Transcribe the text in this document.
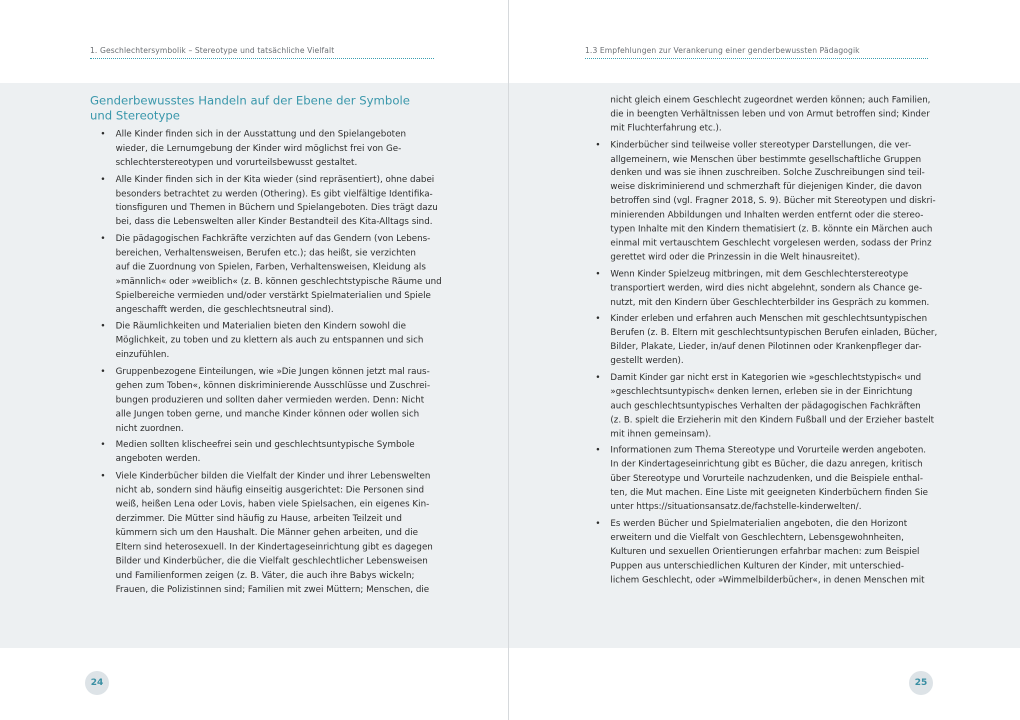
1. Geschlechtersymbolik – Stereotype und tatsächliche Vielfalt
Genderbewusstes Handeln auf der Ebene der Symbole
und Stereotype
• Alle Kinder finden sich in der Ausstattung und den Spielangeboten
wieder, die Lernumgebung der Kinder wird möglichst frei von Ge-
schlechterstereotypen und vorurteilsbewusst gestaltet.
• Alle Kinder finden sich in der Kita wieder (sind repräsentiert), ohne dabei
besonders betrachtet zu werden (Othering). Es gibt vielfältige Identifika-
tionsfiguren und Themen in Büchern und Spielangeboten. Dies trägt dazu
bei, dass die Lebenswelten aller Kinder Bestandteil des Kita-Alltags sind.
• Die pädagogischen Fachkräfte verzichten auf das Gendern (von Lebens-
bereichen, Verhaltensweisen, Berufen etc.); das heißt, sie verzichten
auf die Zuordnung von Spielen, Farben, Verhaltensweisen, Kleidung als
»männlich« oder »weiblich« (z. B. können geschlechtstypische Räume und
Spielbereiche vermieden und/oder verstärkt Spielmaterialien und Spiele
angeschafft werden, die geschlechtsneutral sind).
• Die Räumlichkeiten und Materialien bieten den Kindern sowohl die
Möglichkeit, zu toben und zu klettern als auch zu entspannen und sich
einzufühlen.
• Gruppenbezogene Einteilungen, wie »Die Jungen können jetzt mal raus-
gehen zum Toben«, können diskriminierende Ausschlüsse und Zuschrei-
bungen produzieren und sollten daher vermieden werden. Denn: Nicht
alle Jungen toben gerne, und manche Kinder können oder wollen sich
nicht zuordnen.
• Medien sollten klischeefrei sein und geschlechtsuntypische Symbole
angeboten werden.
• Viele Kinderbücher bilden die Vielfalt der Kinder und ihrer Lebenswelten
nicht ab, sondern sind häufig einseitig ausgerichtet: Die Personen sind
weiß, heißen Lena oder Lovis, haben viele Spielsachen, ein eigenes Kin-
derzimmer. Die Mütter sind häufig zu Hause, arbeiten Teilzeit und
kümmern sich um den Haushalt. Die Männer gehen arbeiten, und die
Eltern sind heterosexuell. In der Kindertageseinrichtung gibt es dagegen
Bilder und Kinderbücher, die die Vielfalt geschlechtlicher Lebensweisen
und Familienformen zeigen (z. B. Väter, die auch ihre Babys wickeln;
Frauen, die Polizistinnen sind; Familien mit zwei Müttern; Menschen, die
24
1.3 Empfehlungen zur Verankerung einer genderbewussten Pädagogik
nicht gleich einem Geschlecht zugeordnet werden können; auch Familien,
die in beengten Verhältnissen leben und von Armut betroffen sind; Kinder
mit Fluchterfahrung etc.).
• Kinderbücher sind teilweise voller stereotyper Darstellungen, die ver-
allgemeinern, wie Menschen über bestimmte gesellschaftliche Gruppen
denken und was sie ihnen zuschreiben. Solche Zuschreibungen sind teil-
weise diskriminierend und schmerzhaft für diejenigen Kinder, die davon
betroffen sind (vgl. Fragner 2018, S. 9). Bücher mit Stereotypen und diskri-
minierenden Abbildungen und Inhalten werden entfernt oder die stereo-
typen Inhalte mit den Kindern thematisiert (z. B. könnte ein Märchen auch
einmal mit vertauschtem Geschlecht vorgelesen werden, sodass der Prinz
gerettet wird oder die Prinzessin in die Welt hinausreitet).
• Wenn Kinder Spielzeug mitbringen, mit dem Geschlechterstereotype
transportiert werden, wird dies nicht abgelehnt, sondern als Chance ge-
nutzt, mit den Kindern über Geschlechterbilder ins Gespräch zu kommen.
• Kinder erleben und erfahren auch Menschen mit geschlechtsuntypischen
Berufen (z. B. Eltern mit geschlechtsuntypischen Berufen einladen, Bücher,
Bilder, Plakate, Lieder, in/auf denen Pilotinnen oder Krankenpfleger dar-
gestellt werden).
• Damit Kinder gar nicht erst in Kategorien wie »geschlechtstypisch« und
»geschlechtsuntypisch« denken lernen, erleben sie in der Einrichtung
auch geschlechtsuntypisches Verhalten der pädagogischen Fachkräften
(z. B. spielt die Erzieherin mit den Kindern Fußball und der Erzieher bastelt
mit ihnen gemeinsam).
• Informationen zum Thema Stereotype und Vorurteile werden angeboten.
In der Kindertageseinrichtung gibt es Bücher, die dazu anregen, kritisch
über Stereotype und Vorurteile nachzudenken, und die Beispiele enthal-
ten, die Mut machen. Eine Liste mit geeigneten Kinderbüchern finden Sie
unter https://situationsansatz.de/fachstelle-kinderwelten/.
• Es werden Bücher und Spielmaterialien angeboten, die den Horizont
erweitern und die Vielfalt von Geschlechtern, Lebensgewohnheiten,
Kulturen und sexuellen Orientierungen erfahrbar machen: zum Beispiel
Puppen aus unterschiedlichen Kulturen der Kinder, mit unterschied-
lichem Geschlecht, oder »Wimmelbilderbücher«, in denen Menschen mit
25
